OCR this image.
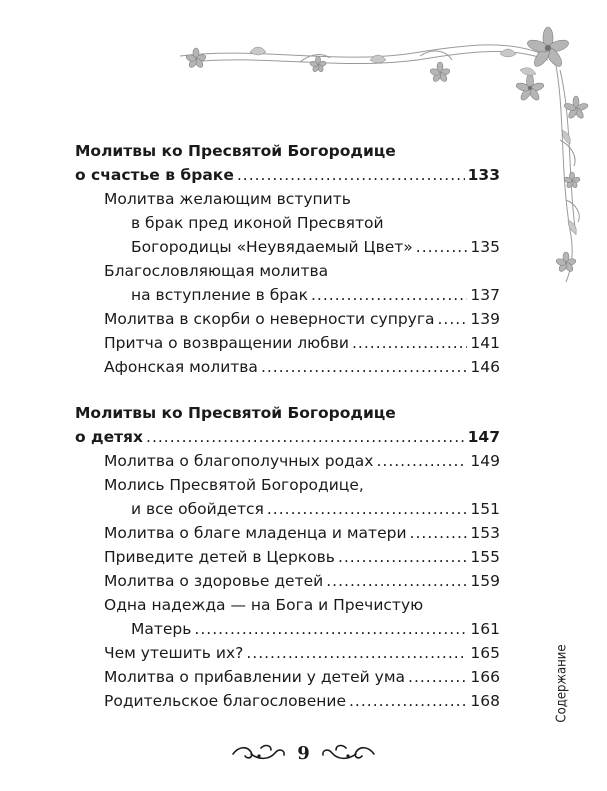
Молитвы ко Пресвятой Богородице
о счастье в браке .....	133
Молитва желающим вступить
в брак пред иконой Пресвятой
Богородицы «Неувядаемый Цвет» .....	135
Благословляющая молитва
на вступление в брак .....	137
Молитва в скорби о неверности супруга ..... 139
Притча о возвращении любви .....	141
Афонская молитва .....	146
Молитвы ко Пресвятой Богородице
о детях .....	147
Молитва о благополучных родах .....	149
Молись Пресвятой Богородице,
и все обойдется .....	151
Молитва о благе младенца и матери .....	153
Приведите детей в Церковь .....	155
Молитва о здоровье детей .....	159
Одна надежда — на Бога и Пречистую
Матерь .....	161
Чем утешить их? .....	165
Молитва о прибавлении у детей ума .....	166
Родительское благословение .....	168	Содержание
9
